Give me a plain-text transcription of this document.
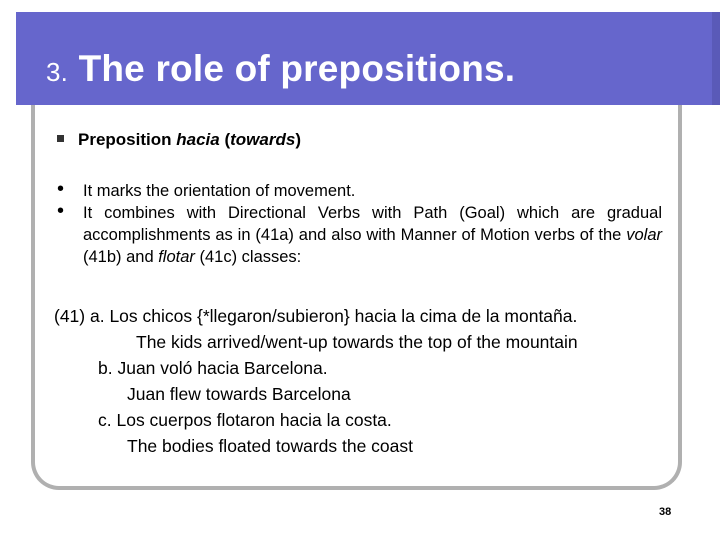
3. The role of prepositions.
Preposition hacia (towards)
• It marks the orientation of movement.
• It combines with Directional Verbs with Path (Goal) which are gradual accomplishments as in (41a) and also with Manner of Motion verbs of the volar (41b) and flotar (41c) classes:
(41) a. Los chicos {*llegaron/subieron} hacia la cima de la montaña.
The kids arrived/went-up towards the top of the mountain
b. Juan voló hacia Barcelona.
Juan flew towards Barcelona
c. Los cuerpos flotaron hacia la costa.
The bodies floated towards the coast
38
